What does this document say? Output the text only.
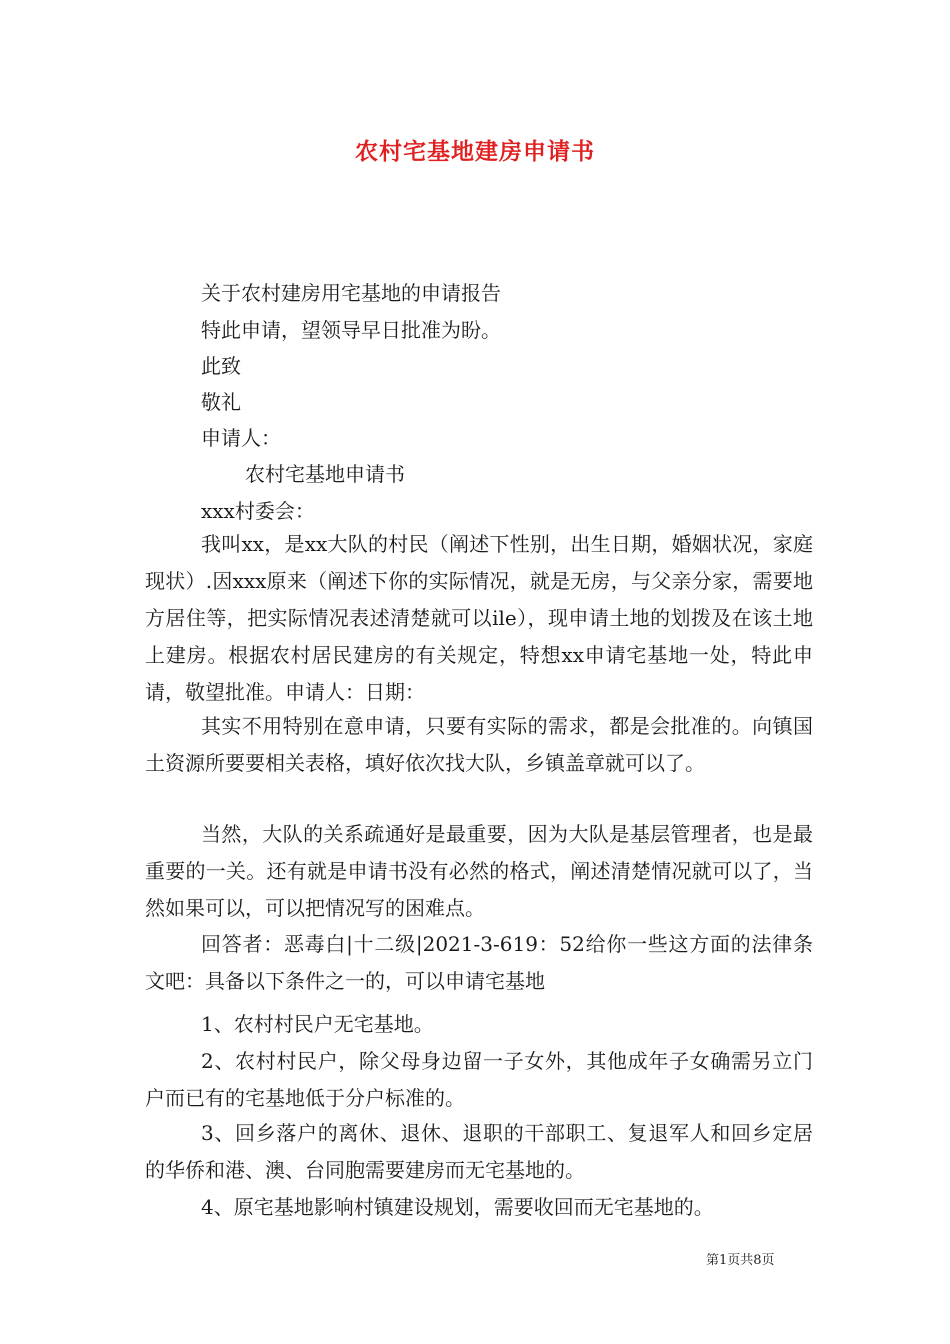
农村宅基地建房申请书
关于农村建房用宅基地的申请报告
特此申请，望领导早日批准为盼。
此致
敬礼
申请人：
农村宅基地申请书
xxx村委会：

我叫xx，是xx大队的村民（阐述下性别，出生日期，婚姻状况，家庭现状）.因xxx原来（阐述下你的实际情况，就是无房，与父亲分家，需要地方居住等，把实际情况表述清楚就可以ile），现申请土地的划拨及在该土地上建房。根据农村居民建房的有关规定，特想xx申请宅基地一处，特此申请，敬望批准。申请人：日期：

其实不用特别在意申请，只要有实际的需求，都是会批准的。向镇国土资源所要要相关表格，填好依次找大队，乡镇盖章就可以了。

当然，大队的关系疏通好是最重要，因为大队是基层管理者，也是最重要的一关。还有就是申请书没有必然的格式，阐述清楚情况就可以了，当然如果可以，可以把情况写的困难点。

回答者：恶毒白|十二级|2021-3-619：52给你一些这方面的法律条文吧：具备以下条件之一的，可以申请宅基地

1、农村村民户无宅基地。

2、农村村民户，除父母身边留一子女外，其他成年子女确需另立门户而已有的宅基地低于分户标准的。

3、回乡落户的离休、退休、退职的干部职工、复退军人和回乡定居的华侨和港、澳、台同胞需要建房而无宅基地的。

4、原宅基地影响村镇建设规划，需要收回而无宅基地的。

第1页共8页
